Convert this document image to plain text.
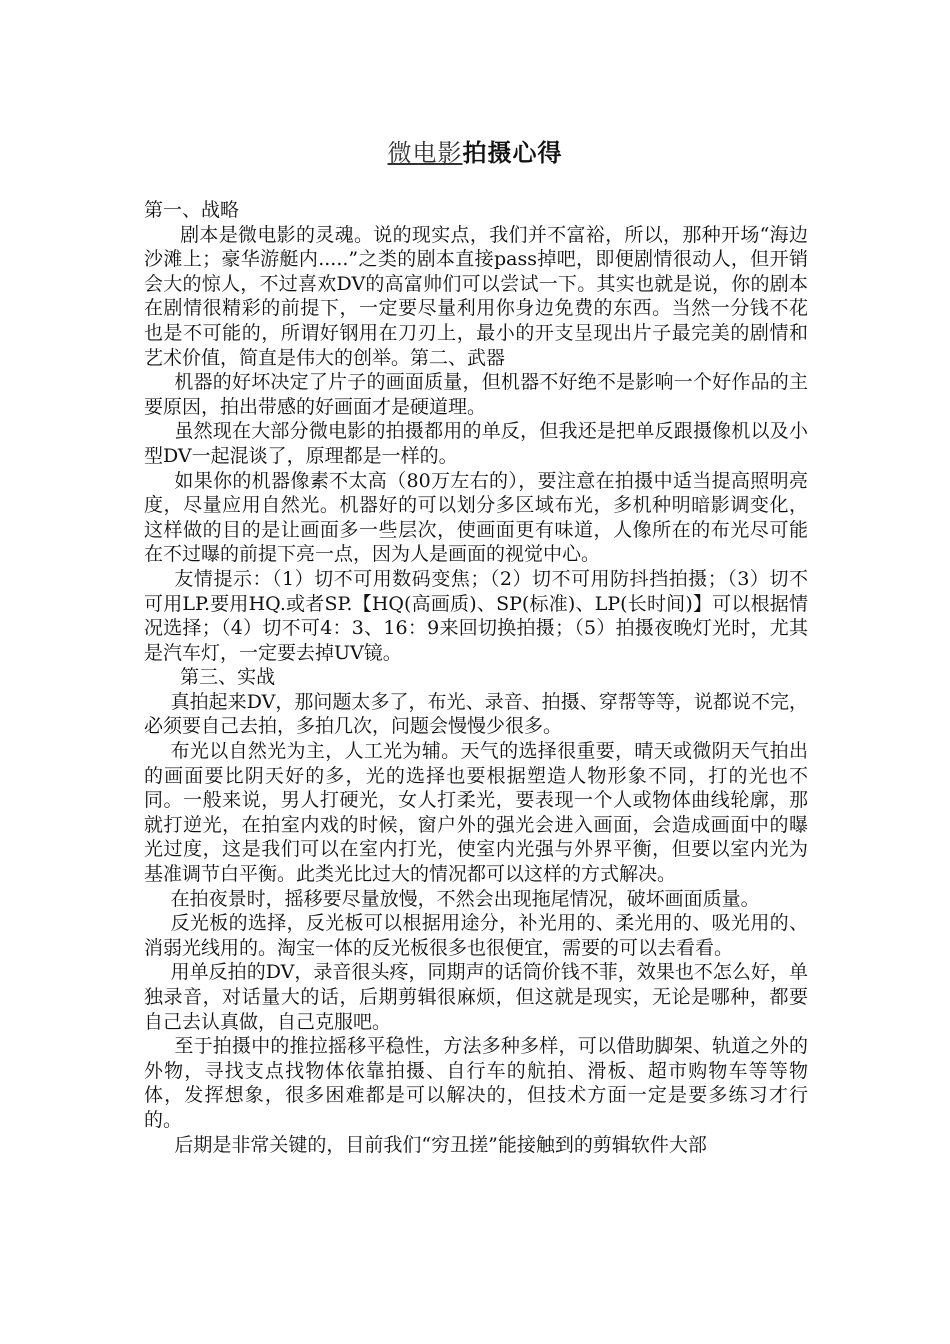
微电影拍摄心得

第一、战略

剧本是微电影的灵魂。说的现实点，我们并不富裕，所以，那种开场“海边沙滩上；豪华游艇内.....”之类的剧本直接pass掉吧，即便剧情很动人，但开销会大的惊人，不过喜欢DV的高富帅们可以尝试一下。其实也就是说，你的剧本在剧情很精彩的前提下，一定要尽量利用你身边免费的东西。当然一分钱不花也是不可能的，所谓好钢用在刀刃上，最小的开支呈现出片子最完美的剧情和艺术价值，简直是伟大的创举。第二、武器

机器的好坏决定了片子的画面质量，但机器不好绝不是影响一个好作品的主要原因，拍出带感的好画面才是硬道理。

虽然现在大部分微电影的拍摄都用的单反，但我还是把单反跟摄像机以及小型DV一起混谈了，原理都是一样的。

如果你的机器像素不太高（80万左右的），要注意在拍摄中适当提高照明亮度，尽量应用自然光。机器好的可以划分多区域布光，多机种明暗影调变化，这样做的目的是让画面多一些层次，使画面更有味道，人像所在的布光尽可能在不过曝的前提下亮一点，因为人是画面的视觉中心。

友情提示：（1）切不可用数码变焦；（2）切不可用防抖挡拍摄；（3）切不可用LP.要用HQ.或者SP.【HQ(高画质)、SP(标准)、LP(长时间)】可以根据情况选择；（4）切不可4：3、16：9来回切换拍摄；（5）拍摄夜晚灯光时，尤其是汽车灯，一定要去掉UV镜。

第三、实战

真拍起来DV，那问题太多了，布光、录音、拍摄、穿帮等等，说都说不完，必须要自己去拍，多拍几次，问题会慢慢少很多。

布光以自然光为主，人工光为辅。天气的选择很重要，晴天或微阴天气拍出的画面要比阴天好的多，光的选择也要根据塑造人物形象不同，打的光也不同。一般来说，男人打硬光，女人打柔光，要表现一个人或物体曲线轮廓，那就打逆光，在拍室内戏的时候，窗户外的强光会进入画面，会造成画面中的曝光过度，这是我们可以在室内打光，使室内光强与外界平衡，但要以室内光为基准调节白平衡。此类光比过大的情况都可以这样的方式解决。

在拍夜景时，摇移要尽量放慢，不然会出现拖尾情况，破坏画面质量。

反光板的选择，反光板可以根据用途分，补光用的、柔光用的、吸光用的、消弱光线用的。淘宝一体的反光板很多也很便宜，需要的可以去看看。

用单反拍的DV，录音很头疼，同期声的话筒价钱不菲，效果也不怎么好，单独录音，对话量大的话，后期剪辑很麻烦，但这就是现实，无论是哪种，都要自己去认真做，自己克服吧。

至于拍摄中的推拉摇移平稳性，方法多种多样，可以借助脚架、轨道之外的外物，寻找支点找物体依靠拍摄、自行车的航拍、滑板、超市购物车等等物体，发挥想象，很多困难都是可以解决的，但技术方面一定是要多练习才行的。

后期是非常关键的，目前我们“穷丑搓”能接触到的剪辑软件大部
